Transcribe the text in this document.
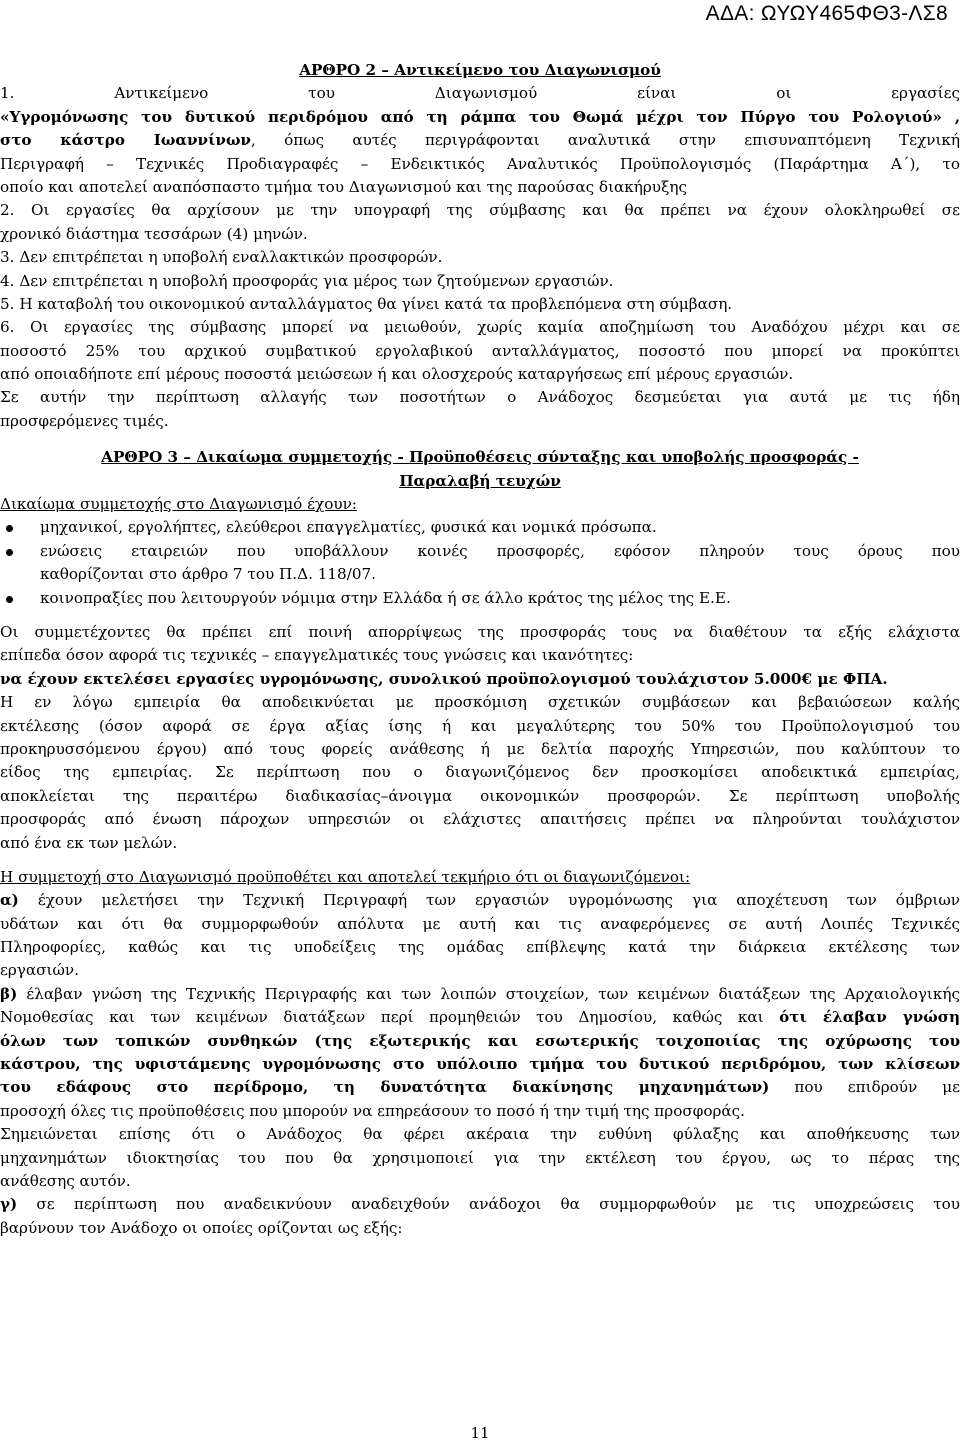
ΑΔΑ: ΩΥΩΥ465ΦΘ3-ΛΣ8
ΑΡΘΡΟ 2 – Αντικείμενο του Διαγωνισμού
1. Αντικείμενο του Διαγωνισμού είναι οι εργασίες
«Υγρομόνωσης του δυτικού περιδρόμου από τη ράμπα του Θωμά μέχρι τον Πύργο του Ρολογιού» ,
στο κάστρο Ιωαννίνων, όπως αυτές περιγράφονται αναλυτικά στην επισυναπτόμενη Τεχνική
Περιγραφή – Τεχνικές Προδιαγραφές – Ενδεικτικός Αναλυτικός Προϋπολογισμός (Παράρτημα Α΄), το
οποίο και αποτελεί αναπόσπαστο τμήμα του Διαγωνισμού και της παρούσας διακήρυξης
2. Οι εργασίες θα αρχίσουν με την υπογραφή της σύμβασης και θα πρέπει να έχουν ολοκληρωθεί σε
χρονικό διάστημα τεσσάρων (4) μηνών.
3. Δεν επιτρέπεται η υποβολή εναλλακτικών προσφορών.
4. Δεν επιτρέπεται η υποβολή προσφοράς για μέρος των ζητούμενων εργασιών.
5. Η καταβολή του οικονομικού ανταλλάγματος θα γίνει κατά τα προβλεπόμενα στη σύμβαση.
6. Οι εργασίες της σύμβασης μπορεί να μειωθούν, χωρίς καμία αποζημίωση του Αναδόχου μέχρι και σε
ποσοστό 25% του αρχικού συμβατικού εργολαβικού ανταλλάγματος, ποσοστό που μπορεί να προκύπτει
από οποιαδήποτε επί μέρους ποσοστά μειώσεων ή και ολοσχερούς καταργήσεως επί μέρους εργασιών.
Σε αυτήν την περίπτωση αλλαγής των ποσοτήτων ο Ανάδοχος δεσμεύεται για αυτά με τις ήδη
προσφερόμενες τιμές.
ΑΡΘΡΟ 3 – Δικαίωμα συμμετοχής - Προϋποθέσεις σύνταξης και υποβολής προσφοράς -
Παραλαβή τευχών
Δικαίωμα συμμετοχής στο Διαγωνισμό έχουν:
μηχανικοί, εργολήπτες, ελεύθεροι επαγγελματίες, φυσικά και νομικά πρόσωπα.
ενώσεις εταιρειών που υποβάλλουν κοινές προσφορές, εφόσον πληρούν τους όρους που
καθορίζονται στο άρθρο 7 του Π.Δ. 118/07.
κοινοπραξίες που λειτουργούν νόμιμα στην Ελλάδα ή σε άλλο κράτος της μέλος της Ε.Ε.
Οι συμμετέχοντες θα πρέπει επί ποινή απορρίψεως της προσφοράς τους να διαθέτουν τα εξής ελάχιστα
επίπεδα όσον αφορά τις τεχνικές – επαγγελματικές τους γνώσεις και ικανότητες:
να έχουν εκτελέσει εργασίες υγρομόνωσης, συνολικού προϋπολογισμού τουλάχιστον 5.000€ με ΦΠΑ.
Η εν λόγω εμπειρία θα αποδεικνύεται με προσκόμιση σχετικών συμβάσεων και βεβαιώσεων καλής
εκτέλεσης (όσον αφορά σε έργα αξίας ίσης ή και μεγαλύτερης του 50% του Προϋπολογισμού του
προκηρυσσόμενου έργου) από τους φορείς ανάθεσης ή με δελτία παροχής Υπηρεσιών, που καλύπτουν το
είδος της εμπειρίας. Σε περίπτωση που ο διαγωνιζόμενος δεν προσκομίσει αποδεικτικά εμπειρίας,
αποκλείεται της περαιτέρω διαδικασίας–άνοιγμα οικονομικών προσφορών. Σε περίπτωση υποβολής
προσφοράς από ένωση πάροχων υπηρεσιών οι ελάχιστες απαιτήσεις πρέπει να πληρούνται τουλάχιστον
από ένα εκ των μελών.
Η συμμετοχή στο Διαγωνισμό προϋποθέτει και αποτελεί τεκμήριο ότι οι διαγωνιζόμενοι:
α) έχουν μελετήσει την Τεχνική Περιγραφή των εργασιών υγρομόνωσης για αποχέτευση των όμβριων
υδάτων και ότι θα συμμορφωθούν απόλυτα με αυτή και τις αναφερόμενες σε αυτή Λοιπές Τεχνικές
Πληροφορίες, καθώς και τις υποδείξεις της ομάδας επίβλεψης κατά την διάρκεια εκτέλεσης των
εργασιών.
β) έλαβαν γνώση της Τεχνικής Περιγραφής και των λοιπών στοιχείων, των κειμένων διατάξεων της Αρχαιολογικής
Νομοθεσίας και των κειμένων διατάξεων περί προμηθειών του Δημοσίου, καθώς και ότι έλαβαν γνώση
όλων των τοπικών συνθηκών (της εξωτερικής και εσωτερικής τοιχοποιίας της οχύρωσης του
κάστρου, της υφιστάμενης υγρομόνωσης στο υπόλοιπο τμήμα του δυτικού περιδρόμου, των κλίσεων
του εδάφους στο περίδρομο, τη δυνατότητα διακίνησης μηχανημάτων) που επιδρούν με
προσοχή όλες τις προϋποθέσεις που μπορούν να επηρεάσουν το ποσό ή την τιμή της προσφοράς.
Σημειώνεται επίσης ότι ο Ανάδοχος θα φέρει ακέραια την ευθύνη φύλαξης και αποθήκευσης των
μηχανημάτων ιδιοκτησίας του που θα χρησιμοποιεί για την εκτέλεση του έργου, ως το πέρας της
ανάθεσης αυτόν.
γ) σε περίπτωση που αναδεικνύουν αναδειχθούν ανάδοχοι θα συμμορφωθούν με τις υποχρεώσεις του
βαρύνουν τον Ανάδοχο οι οποίες ορίζονται ως εξής:
11
